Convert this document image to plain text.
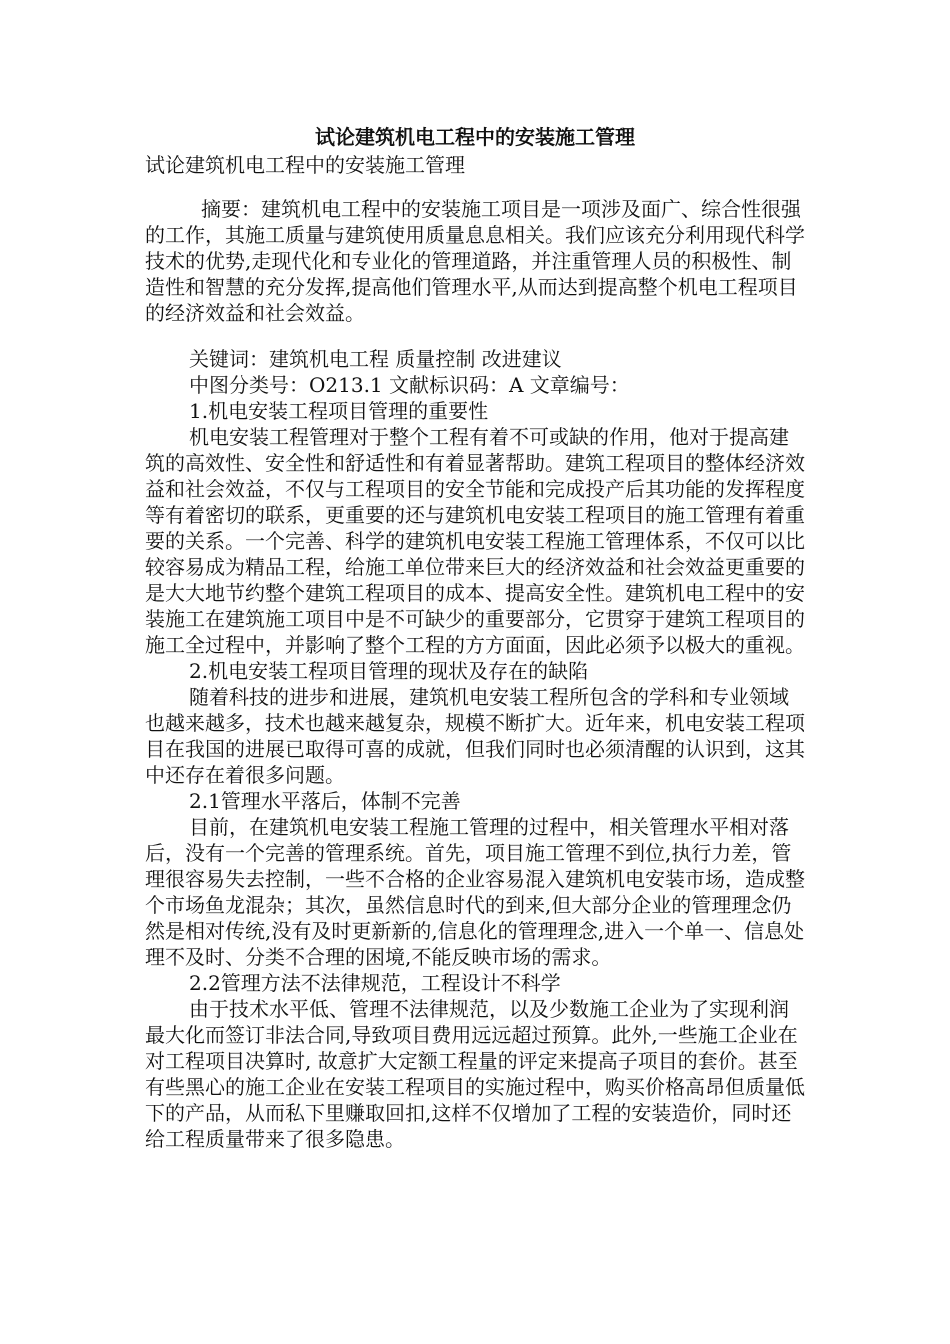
试论建筑机电工程中的安装施工管理

试论建筑机电工程中的安装施工管理

摘要：建筑机电工程中的安装施工项目是一项涉及面广、综合性很强的工作，其施工质量与建筑使用质量息息相关。我们应该充分利用现代科学技术的优势,走现代化和专业化的管理道路，并注重管理人员的积极性、制造性和智慧的充分发挥,提高他们管理水平,从而达到提高整个机电工程项目的经济效益和社会效益。

关键词：建筑机电工程 质量控制 改进建议

中图分类号：O213.1 文献标识码：A 文章编号：

1.机电安装工程项目管理的重要性

机电安装工程管理对于整个工程有着不可或缺的作用，他对于提高建筑的高效性、安全性和舒适性和有着显著帮助。建筑工程项目的整体经济效益和社会效益，不仅与工程项目的安全节能和完成投产后其功能的发挥程度等有着密切的联系，更重要的还与建筑机电安装工程项目的施工管理有着重要的关系。一个完善、科学的建筑机电安装工程施工管理体系，不仅可以比较容易成为精品工程，给施工单位带来巨大的经济效益和社会效益更重要的是大大地节约整个建筑工程项目的成本、提高安全性。建筑机电工程中的安装施工在建筑施工项目中是不可缺少的重要部分，它贯穿于建筑工程项目的施工全过程中，并影响了整个工程的方方面面，因此必须予以极大的重视。

2.机电安装工程项目管理的现状及存在的缺陷

随着科技的进步和进展，建筑机电安装工程所包含的学科和专业领域也越来越多，技术也越来越复杂，规模不断扩大。近年来，机电安装工程项目在我国的进展已取得可喜的成就，但我们同时也必须清醒的认识到，这其中还存在着很多问题。

2.1管理水平落后，体制不完善

目前，在建筑机电安装工程施工管理的过程中，相关管理水平相对落后，没有一个完善的管理系统。首先，项目施工管理不到位,执行力差，管理很容易失去控制，一些不合格的企业容易混入建筑机电安装市场，造成整个市场鱼龙混杂；其次，虽然信息时代的到来,但大部分企业的管理理念仍然是相对传统,没有及时更新新的,信息化的管理理念,进入一个单一、信息处理不及时、分类不合理的困境,不能反映市场的需求。

2.2管理方法不法律规范，工程设计不科学

由于技术水平低、管理不法律规范，以及少数施工企业为了实现利润最大化而签订非法合同,导致项目费用远远超过预算。此外,一些施工企业在对工程项目决算时, 故意扩大定额工程量的评定来提高子项目的套价。甚至有些黑心的施工企业在安装工程项目的实施过程中，购买价格高昂但质量低下的产品，从而私下里赚取回扣,这样不仅增加了工程的安装造价，同时还给工程质量带来了很多隐患。
